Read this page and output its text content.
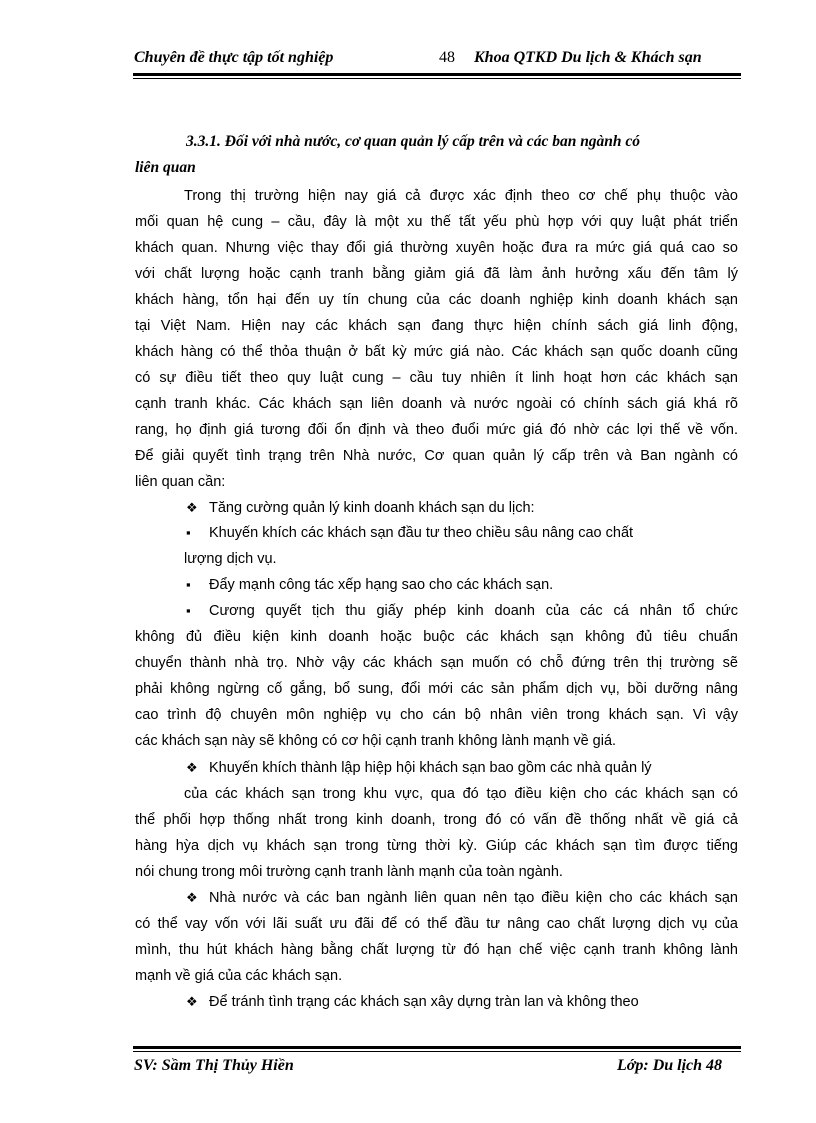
Chuyên đề thực tập tốt nghiệp	48 Khoa QTKD Du lịch & Khách sạn
3.3.1. Đối với nhà nước, cơ quan quản lý cấp trên và các ban ngành có
liên quan
Trong thị trường hiện nay giá cả được xác định theo cơ chế phụ thuộc vào
mối quan hệ cung – cầu, đây là một xu thế tất yếu phù hợp với quy luật phát triển
khách quan. Nhưng việc thay đổi giá thường xuyên hoặc đưa ra mức giá quá cao so
với chất lượng hoặc cạnh tranh bằng giảm giá đã làm ảnh hưởng xấu đến tâm lý
khách hàng, tổn hại đến uy tín chung của các doanh nghiệp kinh doanh khách sạn
tại Việt Nam. Hiện nay các khách sạn đang thực hiện chính sách giá linh động,
khách hàng có thể thỏa thuận ở bất kỳ mức giá nào. Các khách sạn quốc doanh cũng
có sự điều tiết theo quy luật cung – cầu tuy nhiên ít linh hoạt hơn các khách sạn
cạnh tranh khác. Các khách sạn liên doanh và nước ngoài có chính sách giá khá rõ
rang, họ định giá tương đối ổn định và theo đuổi mức giá đó nhờ các lợi thế về vốn.
Để giải quyết tình trạng trên Nhà nước, Cơ quan quản lý cấp trên và Ban ngành có
liên quan cần:
❖ Tăng cường quản lý kinh doanh khách sạn du lịch:
▪ Khuyến khích các khách sạn đầu tư theo chiều sâu nâng cao chất
lượng dịch vụ.
▪ Đẩy mạnh công tác xếp hạng sao cho các khách sạn.
▪ Cương quyết tịch thu giấy phép kinh doanh của các cá nhân tổ chức
không đủ điều kiện kinh doanh hoặc buộc các khách sạn không đủ tiêu chuẩn
chuyển thành nhà trọ. Nhờ vậy các khách sạn muốn có chỗ đứng trên thị trường sẽ
phải không ngừng cố gắng, bổ sung, đổi mới các sản phẩm dịch vụ, bồi dưỡng nâng
cao trình độ chuyên môn nghiệp vụ cho cán bộ nhân viên trong khách sạn. Vì vậy
các khách sạn này sẽ không có cơ hội cạnh tranh không lành mạnh về giá.
❖ Khuyến khích thành lập hiệp hội khách sạn bao gồm các nhà quản lý
của các khách sạn trong khu vực, qua đó tạo điều kiện cho các khách sạn có
thể phối hợp thống nhất trong kinh doanh, trong đó có vấn đề thống nhất về giá cả
hàng hỳa dịch vụ khách sạn trong từng thời kỳ. Giúp các khách sạn tìm được tiếng
nói chung trong môi trường cạnh tranh lành mạnh của toàn ngành.
❖ Nhà nước và các ban ngành liên quan nên tạo điều kiện cho các khách sạn
có thể vay vốn với lãi suất ưu đãi để có thể đầu tư nâng cao chất lượng dịch vụ của
mình, thu hút khách hàng bằng chất lượng từ đó hạn chế việc cạnh tranh không lành
mạnh về giá của các khách sạn.
❖ Để tránh tình trạng các khách sạn xây dựng tràn lan và không theo
SV: Sầm Thị Thủy Hiền	Lớp: Du lịch 48
